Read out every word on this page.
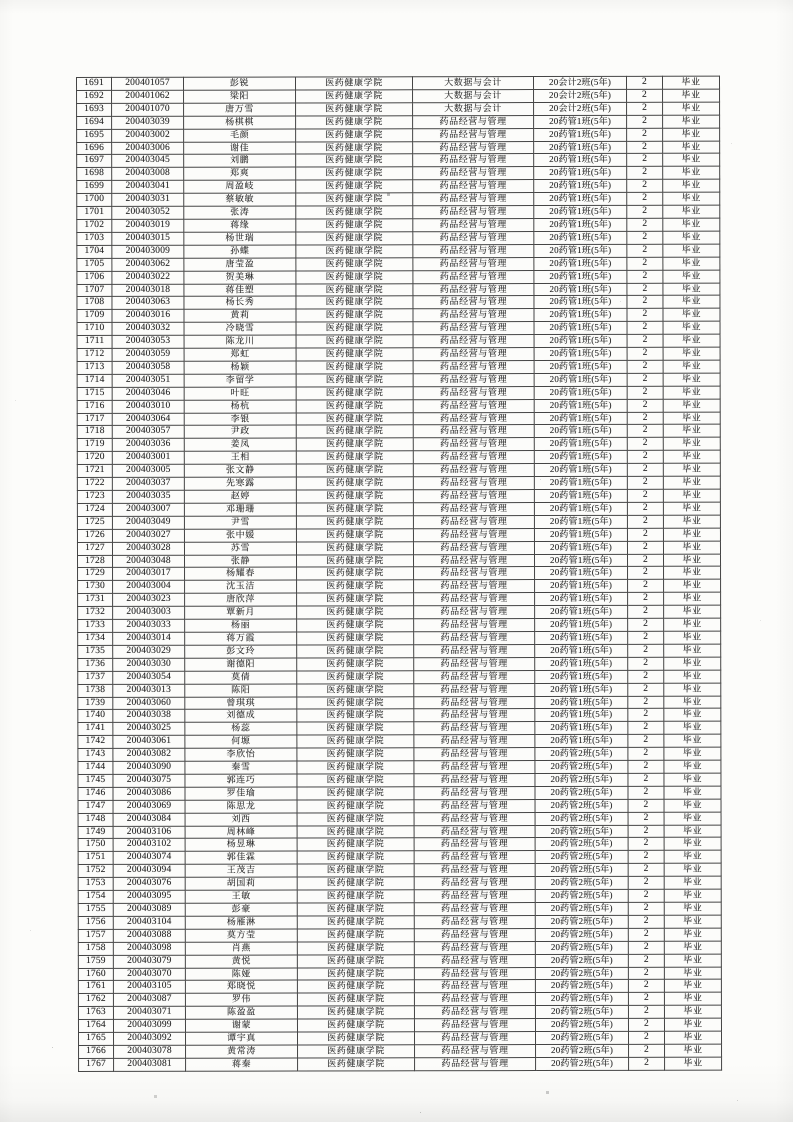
1691	200401057	彭锐	医药健康学院	大数据与会计	20会计2班(5年)	2	毕业
1692	200401062	梁阳	医药健康学院	大数据与会计	20会计2班(5年)	2	毕业
1693	200401070	唐万雪	医药健康学院	大数据与会计	20会计2班(5年)	2	毕业
1694	200403039	杨棋棋	医药健康学院	药品经营与管理	20药管1班(5年)	2	毕业
1695	200403002	毛颜	医药健康学院	药品经营与管理	20药管1班(5年)	2	毕业
1696	200403006	谢佳	医药健康学院	药品经营与管理	20药管1班(5年)	2	毕业
1697	200403045	刘鹏	医药健康学院	药品经营与管理	20药管1班(5年)	2	毕业
1698	200403008	郑爽	医药健康学院	药品经营与管理	20药管1班(5年)	2	毕业
1699	200403041	周盈岐	医药健康学院	药品经营与管理	20药管1班(5年)	2	毕业
1700	200403031	蔡敏敏	医药健康学院	药品经营与管理	20药管1班(5年)	2	毕业
1701	200403052	张涛	医药健康学院	药品经营与管理	20药管1班(5年)	2	毕业
1702	200403019	蒋缘	医药健康学院	药品经营与管理	20药管1班(5年)	2	毕业
1703	200403015	杨世瑞	医药健康学院	药品经营与管理	20药管1班(5年)	2	毕业
1704	200403009	孙蝶	医药健康学院	药品经营与管理	20药管1班(5年)	2	毕业
1705	200403062	唐莹盈	医药健康学院	药品经营与管理	20药管1班(5年)	2	毕业
1706	200403022	贺美琳	医药健康学院	药品经营与管理	20药管1班(5年)	2	毕业
1707	200403018	蒋佳塑	医药健康学院	药品经营与管理	20药管1班(5年)	2	毕业
1708	200403063	杨长秀	医药健康学院	药品经营与管理	20药管1班(5年)	2	毕业
1709	200403016	黄莉	医药健康学院	药品经营与管理	20药管1班(5年)	2	毕业
1710	200403032	冷晓雪	医药健康学院	药品经营与管理	20药管1班(5年)	2	毕业
1711	200403053	陈龙川	医药健康学院	药品经营与管理	20药管1班(5年)	2	毕业
1712	200403059	郑虹	医药健康学院	药品经营与管理	20药管1班(5年)	2	毕业
1713	200403058	杨颖	医药健康学院	药品经营与管理	20药管1班(5年)	2	毕业
1714	200403051	李留学	医药健康学院	药品经营与管理	20药管1班(5年)	2	毕业
1715	200403046	叶旺	医药健康学院	药品经营与管理	20药管1班(5年)	2	毕业
1716	200403010	杨杭	医药健康学院	药品经营与管理	20药管1班(5年)	2	毕业
1717	200403064	李银	医药健康学院	药品经营与管理	20药管1班(5年)	2	毕业
1718	200403057	尹政	医药健康学院	药品经营与管理	20药管1班(5年)	2	毕业
1719	200403036	姜凤	医药健康学院	药品经营与管理	20药管1班(5年)	2	毕业
1720	200403001	王相	医药健康学院	药品经营与管理	20药管1班(5年)	2	毕业
1721	200403005	张文静	医药健康学院	药品经营与管理	20药管1班(5年)	2	毕业
1722	200403037	先寒露	医药健康学院	药品经营与管理	20药管1班(5年)	2	毕业
1723	200403035	赵婷	医药健康学院	药品经营与管理	20药管1班(5年)	2	毕业
1724	200403007	邓珊珊	医药健康学院	药品经营与管理	20药管1班(5年)	2	毕业
1725	200403049	尹雪	医药健康学院	药品经营与管理	20药管1班(5年)	2	毕业
1726	200403027	张中媛	医药健康学院	药品经营与管理	20药管1班(5年)	2	毕业
1727	200403028	苏雪	医药健康学院	药品经营与管理	20药管1班(5年)	2	毕业
1728	200403048	张静	医药健康学院	药品经营与管理	20药管1班(5年)	2	毕业
1729	200403017	杨耀春	医药健康学院	药品经营与管理	20药管1班(5年)	2	毕业
1730	200403004	沈玉洁	医药健康学院	药品经营与管理	20药管1班(5年)	2	毕业
1731	200403023	唐欣萍	医药健康学院	药品经营与管理	20药管1班(5年)	2	毕业
1732	200403003	覃新月	医药健康学院	药品经营与管理	20药管1班(5年)	2	毕业
1733	200403033	杨丽	医药健康学院	药品经营与管理	20药管1班(5年)	2	毕业
1734	200403014	蒋万霞	医药健康学院	药品经营与管理	20药管1班(5年)	2	毕业
1735	200403029	彭文玲	医药健康学院	药品经营与管理	20药管1班(5年)	2	毕业
1736	200403030	谢德阳	医药健康学院	药品经营与管理	20药管1班(5年)	2	毕业
1737	200403054	莫倩	医药健康学院	药品经营与管理	20药管1班(5年)	2	毕业
1738	200403013	陈阳	医药健康学院	药品经营与管理	20药管1班(5年)	2	毕业
1739	200403060	曾琪琪	医药健康学院	药品经营与管理	20药管1班(5年)	2	毕业
1740	200403038	刘德成	医药健康学院	药品经营与管理	20药管1班(5年)	2	毕业
1741	200403025	杨蕊	医药健康学院	药品经营与管理	20药管1班(5年)	2	毕业
1742	200403061	何塬	医药健康学院	药品经营与管理	20药管1班(5年)	2	毕业
1743	200403082	李欣怡	医药健康学院	药品经营与管理	20药管2班(5年)	2	毕业
1744	200403090	秦雪	医药健康学院	药品经营与管理	20药管2班(5年)	2	毕业
1745	200403075	郭连巧	医药健康学院	药品经营与管理	20药管2班(5年)	2	毕业
1746	200403086	罗佳瑜	医药健康学院	药品经营与管理	20药管2班(5年)	2	毕业
1747	200403069	陈思龙	医药健康学院	药品经营与管理	20药管2班(5年)	2	毕业
1748	200403084	刘西	医药健康学院	药品经营与管理	20药管2班(5年)	2	毕业
1749	200403106	周林峰	医药健康学院	药品经营与管理	20药管2班(5年)	2	毕业
1750	200403102	杨昱琳	医药健康学院	药品经营与管理	20药管2班(5年)	2	毕业
1751	200403074	郭佳霖	医药健康学院	药品经营与管理	20药管2班(5年)	2	毕业
1752	200403094	王茂吉	医药健康学院	药品经营与管理	20药管2班(5年)	2	毕业
1753	200403076	胡国莉	医药健康学院	药品经营与管理	20药管2班(5年)	2	毕业
1754	200403095	王敏	医药健康学院	药品经营与管理	20药管2班(5年)	2	毕业
1755	200403089	彭豪	医药健康学院	药品经营与管理	20药管2班(5年)	2	毕业
1756	200403104	杨雁淋	医药健康学院	药品经营与管理	20药管2班(5年)	2	毕业
1757	200403088	莫方莹	医药健康学院	药品经营与管理	20药管2班(5年)	2	毕业
1758	200403098	肖燕	医药健康学院	药品经营与管理	20药管2班(5年)	2	毕业
1759	200403079	黄悦	医药健康学院	药品经营与管理	20药管2班(5年)	2	毕业
1760	200403070	陈娅	医药健康学院	药品经营与管理	20药管2班(5年)	2	毕业
1761	200403105	郑晓悦	医药健康学院	药品经营与管理	20药管2班(5年)	2	毕业
1762	200403087	罗伟	医药健康学院	药品经营与管理	20药管2班(5年)	2	毕业
1763	200403071	陈盈盈	医药健康学院	药品经营与管理	20药管2班(5年)	2	毕业
1764	200403099	谢蒙	医药健康学院	药品经营与管理	20药管2班(5年)	2	毕业
1765	200403092	谭宇真	医药健康学院	药品经营与管理	20药管2班(5年)	2	毕业
1766	200403078	黄常涛	医药健康学院	药品经营与管理	20药管2班(5年)	2	毕业
1767	200403081	蒋秦	医药健康学院	药品经营与管理	20药管2班(5年)	2	毕业
